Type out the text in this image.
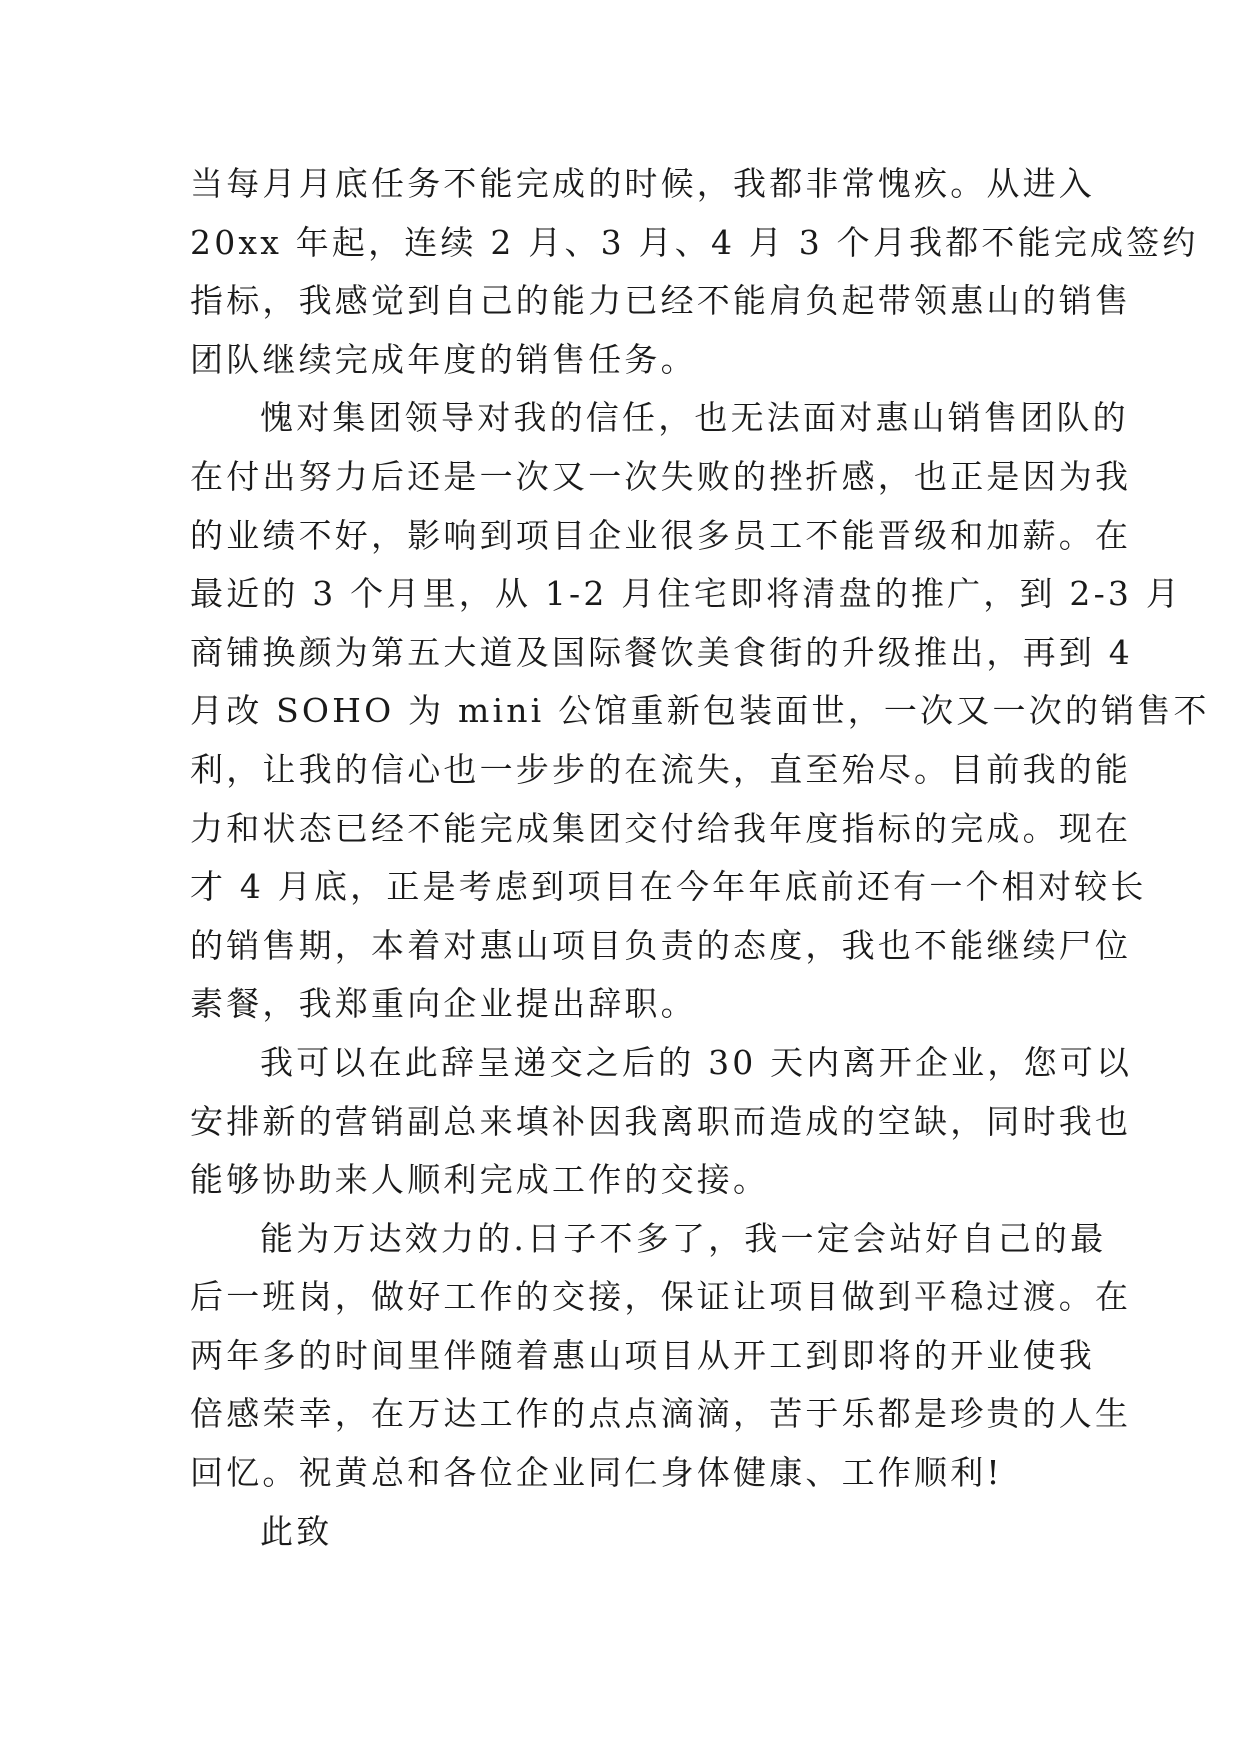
当每月月底任务不能完成的时候，我都非常愧疚。从进入
20xx 年起，连续 2 月、3 月、4 月 3 个月我都不能完成签约
指标，我感觉到自己的能力已经不能肩负起带领惠山的销售
团队继续完成年度的销售任务。
愧对集团领导对我的信任，也无法面对惠山销售团队的
在付出努力后还是一次又一次失败的挫折感，也正是因为我
的业绩不好，影响到项目企业很多员工不能晋级和加薪。在
最近的 3 个月里，从 1-2 月住宅即将清盘的推广，到 2-3 月
商铺换颜为第五大道及国际餐饮美食街的升级推出，再到 4
月改 SOHO 为 mini 公馆重新包装面世，一次又一次的销售不
利，让我的信心也一步步的在流失，直至殆尽。目前我的能
力和状态已经不能完成集团交付给我年度指标的完成。现在
才 4 月底，正是考虑到项目在今年年底前还有一个相对较长
的销售期，本着对惠山项目负责的态度，我也不能继续尸位
素餐，我郑重向企业提出辞职。
我可以在此辞呈递交之后的 30 天内离开企业，您可以
安排新的营销副总来填补因我离职而造成的空缺，同时我也
能够协助来人顺利完成工作的交接。
能为万达效力的.日子不多了，我一定会站好自己的最
后一班岗，做好工作的交接，保证让项目做到平稳过渡。在
两年多的时间里伴随着惠山项目从开工到即将的开业使我
倍感荣幸，在万达工作的点点滴滴，苦于乐都是珍贵的人生
回忆。祝黄总和各位企业同仁身体健康、工作顺利!
此致
